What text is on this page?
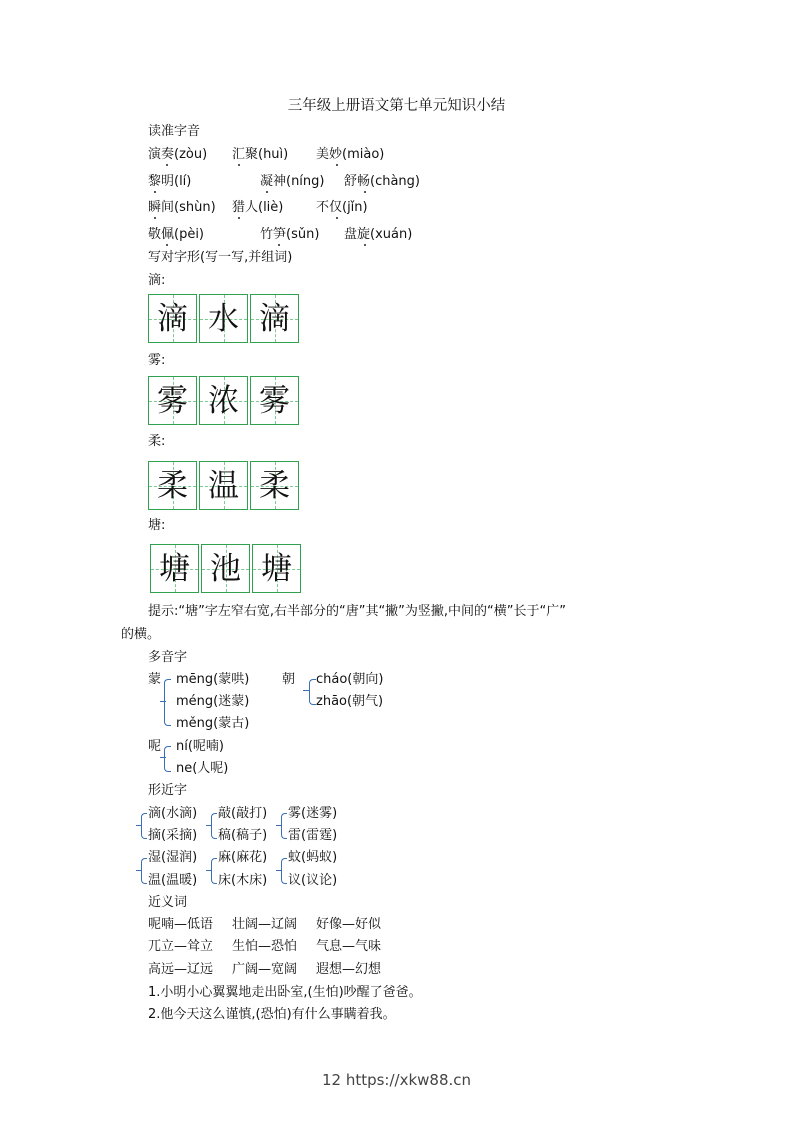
三年级上册语文第七单元知识小结
读准字音
演奏(zòu) 汇聚(huì) 美妙(miào)
黎明(lí)	凝神(níng) 舒畅(chàng)
瞬间(shùn) 猎人(liè)	不仅(jǐn)
敬佩(pèi)	竹笋(sǔn) 盘旋(xuán)
写对字形(写一写,并组词)
滴:
滴 水 滴
雾:
雾 浓 雾
柔:
柔 温 柔
塘:
塘 池 塘
提示:“塘”字左窄右宽,右半部分的“唐”其“撇”为竖撇,中间的“横”长于“广”
的横。
多音字
蒙 mēng(蒙哄)
méng(迷蒙)
měng(蒙古)
朝 cháo(朝向)
zhāo(朝气)
呢 ní(呢喃)
ne(人呢)
形近字
滴(水滴) 敲(敲打) 雾(迷雾)
摘(采摘) 稿(稿子) 雷(雷霆)
湿(湿润) 麻(麻花) 蚊(蚂蚁)
温(温暖) 床(木床) 议(议论)
近义词
呢喃—低语 壮阔—辽阔 好像—好似
兀立—耸立 生怕—恐怕 气息—气味
高远—辽远 广阔—宽阔 遐想—幻想
1.小明小心翼翼地走出卧室,(生怕)吵醒了爸爸。
2.他今天这么谨慎,(恐怕)有什么事瞒着我。
12 https://xkw88.cn
